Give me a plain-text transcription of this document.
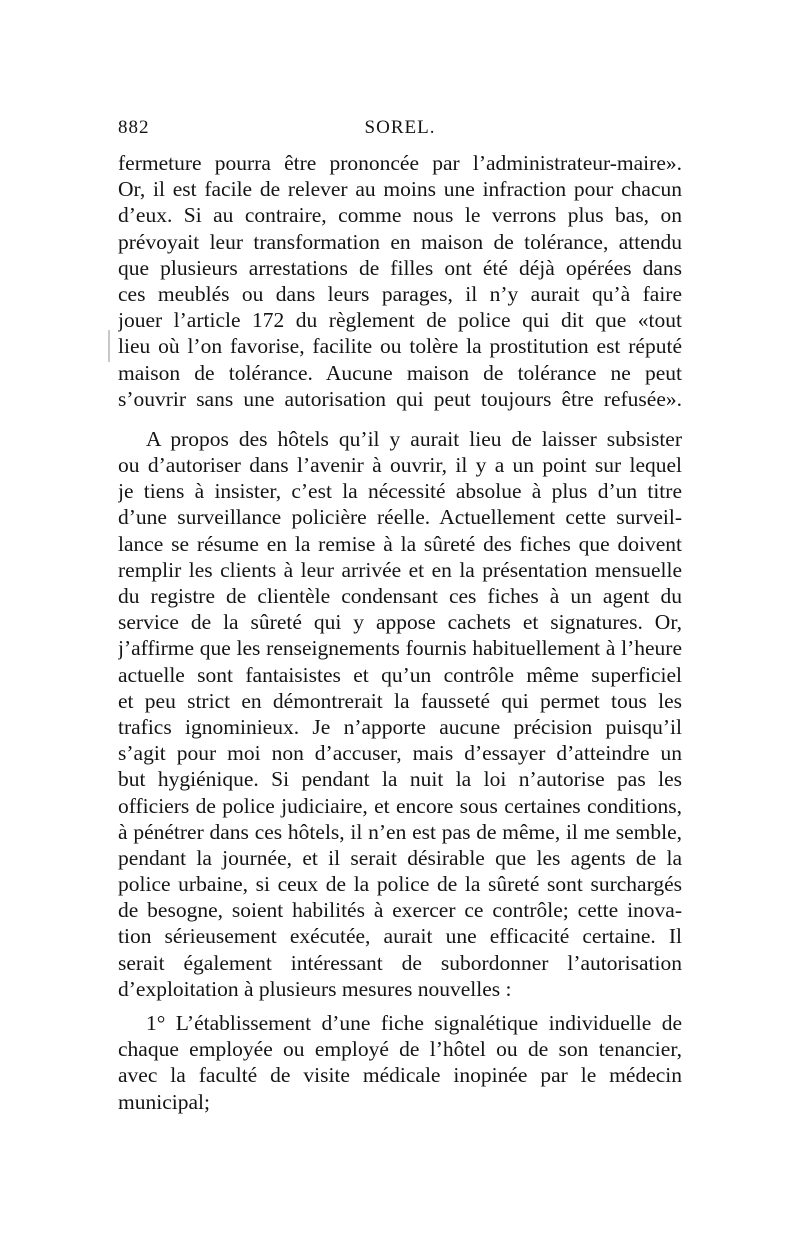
882	SOREL.
fermeture pourra être prononcée par l’administrateur-maire​».
Or, il est facile de relever au moins une infraction pour chacun
d’eux. Si au contraire, comme nous le verrons plus bas, on
prévoyait leur transformation en maison de tolérance, attendu
que plusieurs arrestations de filles ont été déjà opérées dans
ces meublés ou dans leurs parages, il n’y aurait qu’à faire
jouer l’article 172 du règlement de police qui dit que «tout
lieu où l’on favorise, facilite ou tolère la prostitution est réputé
maison de tolérance. Aucune maison de tolérance ne peut
s’ouvrir sans une autorisation qui peut toujours être refusée».
A propos des hôtels qu’il y aurait lieu de laisser subsister
ou d’autoriser dans l’avenir à ouvrir, il y a un point sur lequel
je tiens à insister, c’est la nécessité absolue à plus d’un titre
d’une surveillance policière réelle. Actuellement cette surveil-
lance se résume en la remise à la sûreté des fiches que doivent
remplir les clients à leur arrivée et en la présentation mensuelle
du registre de clientèle condensant ces fiches à un agent du
service de la sûreté qui y appose cachets et signatures. Or,
j’affirme que les renseignements fournis habituellement à l’heure
actuelle sont fantaisistes et qu’un contrôle même superficiel
et peu strict en démontrerait la fausseté qui permet tous les
trafics ignominieux. Je n’apporte aucune précision puisqu’il
s’agit pour moi non d’accuser, mais d’essayer d’atteindre un
but hygiénique. Si pendant la nuit la loi n’autorise pas les
officiers de police judiciaire, et encore sous certaines conditions,
à pénétrer dans ces hôtels, il n’en est pas de même, il me semble,
pendant la journée, et il serait désirable que les agents de la
police urbaine, si ceux de la police de la sûreté sont surchargés
de besogne, soient habilités à exercer ce contrôle; cette inova-
tion sérieusement exécutée, aurait une efficacité certaine. Il
serait également intéressant de subordonner l’autorisation
d’exploitation à plusieurs mesures nouvelles :
1° L’établissement d’une fiche signalétique individuelle de
chaque employée ou employé de l’hôtel ou de son tenancier,
avec la faculté de visite médicale inopinée par le médecin
municipal;
